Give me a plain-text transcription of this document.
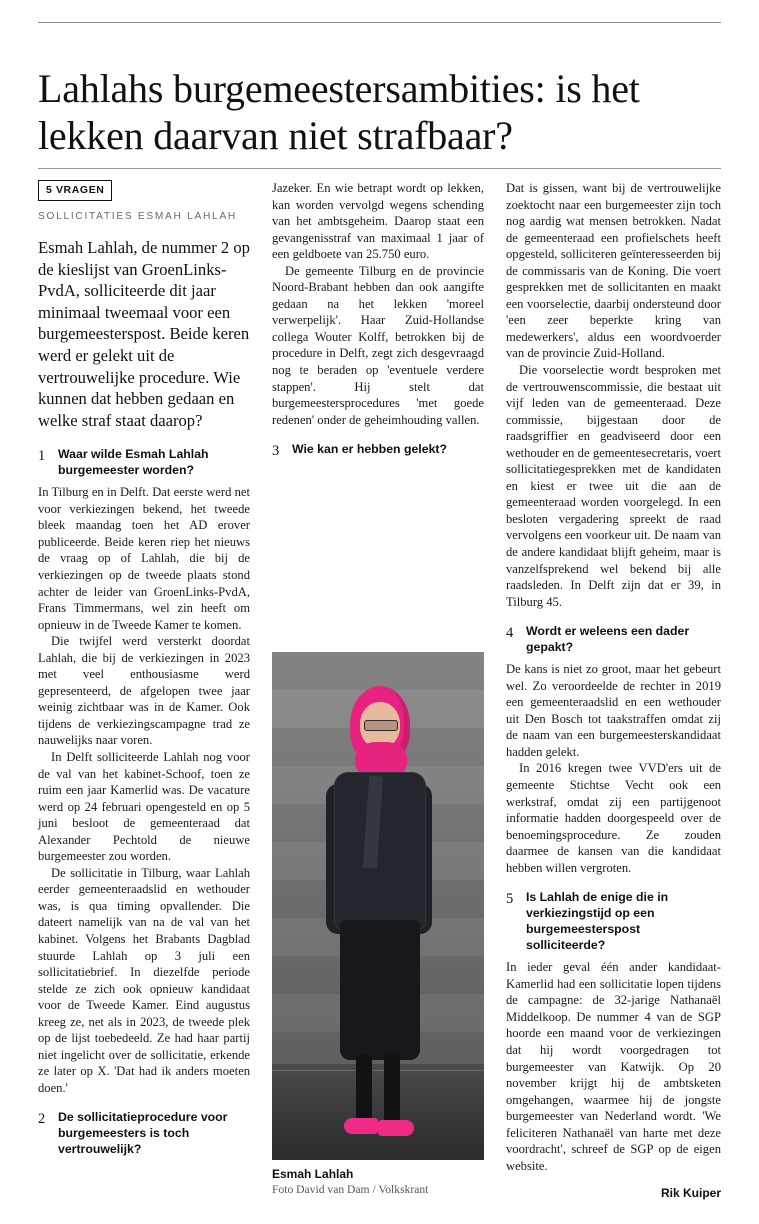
Lahlahs burgemeestersambities: is het lekken daarvan niet strafbaar?
5 VRAGEN
SOLLICITATIES ESMAH LAHLAH
Esmah Lahlah, de nummer 2 op de kieslijst van GroenLinks-PvdA, solliciteerde dit jaar minimaal tweemaal voor een burgemeesterspost. Beide keren werd er gelekt uit de vertrouwelijke procedure. Wie kunnen dat hebben gedaan en welke straf staat daarop?
1 Waar wilde Esmah Lahlah burgemeester worden?

In Tilburg en in Delft. Dat eerste werd net voor verkiezingen bekend, het tweede bleek maandag toen het AD erover publiceerde. Beide keren riep het nieuws de vraag op of Lahlah, die bij de verkiezingen op de tweede plaats stond achter de leider van GroenLinks-PvdA, Frans Timmermans, wel zin heeft om opnieuw in de Tweede Kamer te komen.

Die twijfel werd versterkt doordat Lahlah, die bij de verkiezingen in 2023 met veel enthousiasme werd gepresenteerd, de afgelopen twee jaar weinig zichtbaar was in de Kamer. Ook tijdens de verkiezingscampagne trad ze nauwelijks naar voren.

In Delft solliciteerde Lahlah nog voor de val van het kabinet-Schoof, toen ze ruim een jaar Kamerlid was. De vacature werd op 24 februari opengesteld en op 5 juni besloot de gemeenteraad dat Alexander Pechtold de nieuwe burgemeester zou worden.

De sollicitatie in Tilburg, waar Lahlah eerder gemeenteraadslid en wethouder was, is qua timing opvallender. Die dateert namelijk van na de val van het kabinet. Volgens het Brabants Dagblad stuurde Lahlah op 3 juli een sollicitatiebrief. In diezelfde periode stelde ze zich ook opnieuw kandidaat voor de Tweede Kamer. Eind augustus kreeg ze, net als in 2023, de tweede plek op de lijst toebedeeld. Ze had haar partij niet ingelicht over de sollicitatie, erkende ze later op X. 'Dat had ik anders moeten doen.'

2 De sollicitatieprocedure voor burgemeesters is toch vertrouwelijk?

Jazeker. En wie betrapt wordt op lekken, kan worden vervolgd wegens schending van het ambtsgeheim. Daarop staat een gevangenisstraf van maximaal 1 jaar of een geldboete van 25.750 euro.

De gemeente Tilburg en de provincie Noord-Brabant hebben dan ook aangifte gedaan na het lekken 'moreel verwerpelijk'. Haar Zuid-Hollandse collega Wouter Kolff, betrokken bij de procedure in Delft, zegt zich desgevraagd nog te beraden op 'eventuele verdere stappen'. Hij stelt dat burgemeestersprocedures 'met goede redenen' onder de geheimhouding vallen.

3 Wie kan er hebben gelekt?
Esmah Lahlah
Foto David van Dam / Volkskrant

Dat is gissen, want bij de vertrouwelijke zoektocht naar een burgemeester zijn toch nog aardig wat mensen betrokken. Nadat de gemeenteraad een profielschets heeft opgesteld, solliciteren geïnteresseerden bij de commissaris van de Koning. Die voert gesprekken met de sollicitanten en maakt een voorselectie, daarbij ondersteund door 'een zeer beperkte kring van medewerkers', aldus een woordvoerder van de provincie Zuid-Holland.

Die voorselectie wordt besproken met de vertrouwenscommissie, die bestaat uit vijf leden van de gemeenteraad. Deze commissie, bijgestaan door de raadsgriffier en geadviseerd door een wethouder en de gemeentesecretaris, voert sollicitatiegesprekken met de kandidaten en kiest er twee uit die aan de gemeenteraad worden voorgelegd. In een besloten vergadering spreekt de raad vervolgens een voorkeur uit. De naam van de andere kandidaat blijft geheim, maar is vanzelfsprekend wel bekend bij alle raadsleden. In Delft zijn dat er 39, in Tilburg 45.

4 Wordt er weleens een dader gepakt?

De kans is niet zo groot, maar het gebeurt wel. Zo veroordeelde de rechter in 2019 een gemeenteraadslid en een wethouder uit Den Bosch tot taakstraffen omdat zij de naam van een burgemeesterskandidaat hadden gelekt.

In 2016 kregen twee VVD'ers uit de gemeente Stichtse Vecht ook een werkstraf, omdat zij een partijgenoot informatie hadden doorgespeeld over de benoemingsprocedure. Ze zouden daarmee de kansen van die kandidaat hebben willen vergroten.

5 Is Lahlah de enige die in verkiezingstijd op een burgemeesterspost solliciteerde?

In ieder geval één ander kandidaat-Kamerlid had een sollicitatie lopen tijdens de campagne: de 32-jarige Nathanaël Middelkoop. De nummer 4 van de SGP hoorde een maand voor de verkiezingen dat hij wordt voorgedragen tot burgemeester van Katwijk. Op 20 november krijgt hij de ambtsketen omgehangen, waarmee hij de jongste burgemeester van Nederland wordt. 'We feliciteren Nathanaël van harte met deze voordracht', schreef de SGP op de eigen website.

Rik Kuiper
